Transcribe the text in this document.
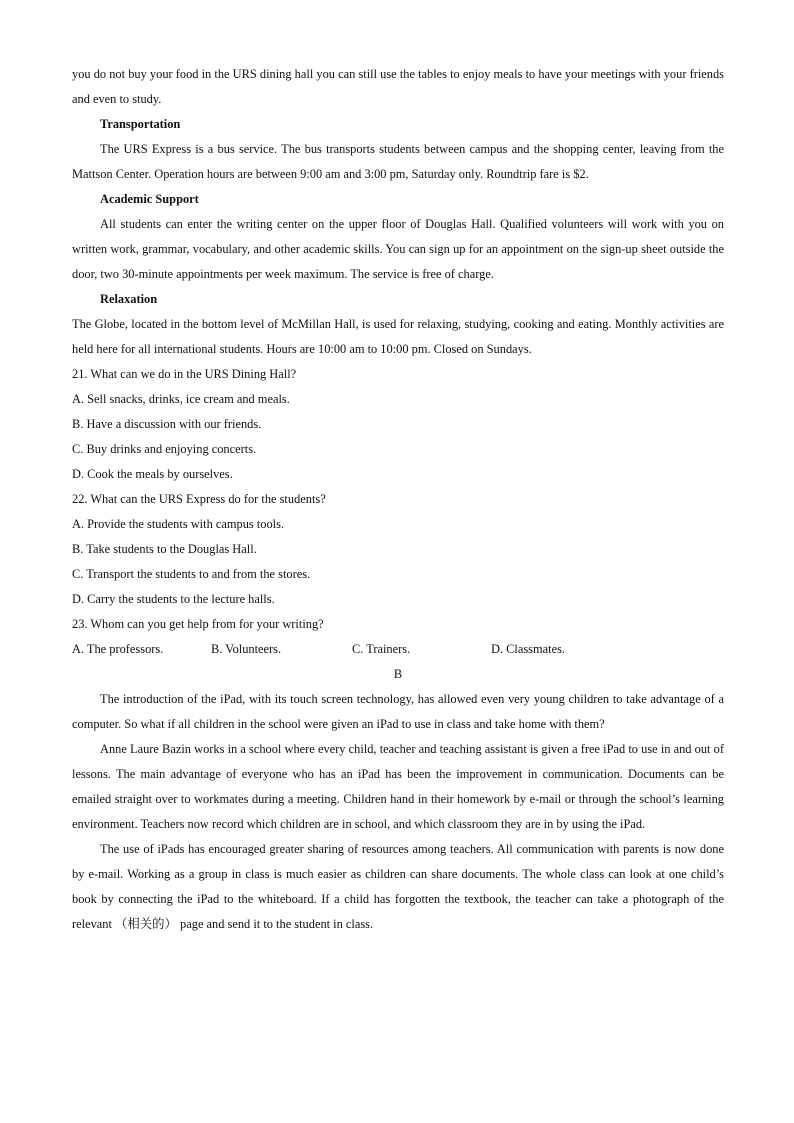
you do not buy your food in the URS dining hall you can still use the tables to enjoy meals to have your meetings with your friends and even to study.

Transportation

The URS Express is a bus service. The bus transports students between campus and the shopping center, leaving from the Mattson Center. Operation hours are between 9:00 am and 3:00 pm, Saturday only. Roundtrip fare is $2.

Academic Support

All students can enter the writing center on the upper floor of Douglas Hall. Qualified volunteers will work with you on written work, grammar, vocabulary, and other academic skills. You can sign up for an appointment on the sign-up sheet outside the door, two 30-minute appointments per week maximum. The service is free of charge.

Relaxation

The Globe, located in the bottom level of McMillan Hall, is used for relaxing, studying, cooking and eating. Monthly activities are held here for all international students. Hours are 10:00 am to 10:00 pm. Closed on Sundays.

21. What can we do in the URS Dining Hall?

A. Sell snacks, drinks, ice cream and meals.

B. Have a discussion with our friends.

C. Buy drinks and enjoying concerts.

D. Cook the meals by ourselves.

22. What can the URS Express do for the students?

A. Provide the students with campus tools.

B. Take students to the Douglas Hall.

C. Transport the students to and from the stores.

D. Carry the students to the lecture halls.

23. Whom can you get help from for your writing?

A. The professors.	B. Volunteers.	C. Trainers.	D. Classmates.

B

The introduction of the iPad, with its touch screen technology, has allowed even very young children to take advantage of a computer. So what if all children in the school were given an iPad to use in class and take home with them?

Anne Laure Bazin works in a school where every child, teacher and teaching assistant is given a free iPad to use in and out of lessons. The main advantage of everyone who has an iPad has been the improvement in communication. Documents can be emailed straight over to workmates during a meeting. Children hand in their homework by e-mail or through the school’s learning environment. Teachers now record which children are in school, and which classroom they are in by using the iPad.

The use of iPads has encouraged greater sharing of resources among teachers. All communication with parents is now done by e-mail. Working as a group in class is much easier as children can share documents. The whole class can look at one child’s book by connecting the iPad to the whiteboard. If a child has forgotten the textbook, the teacher can take a photograph of the relevant （相关的） page and send it to the student in class.
